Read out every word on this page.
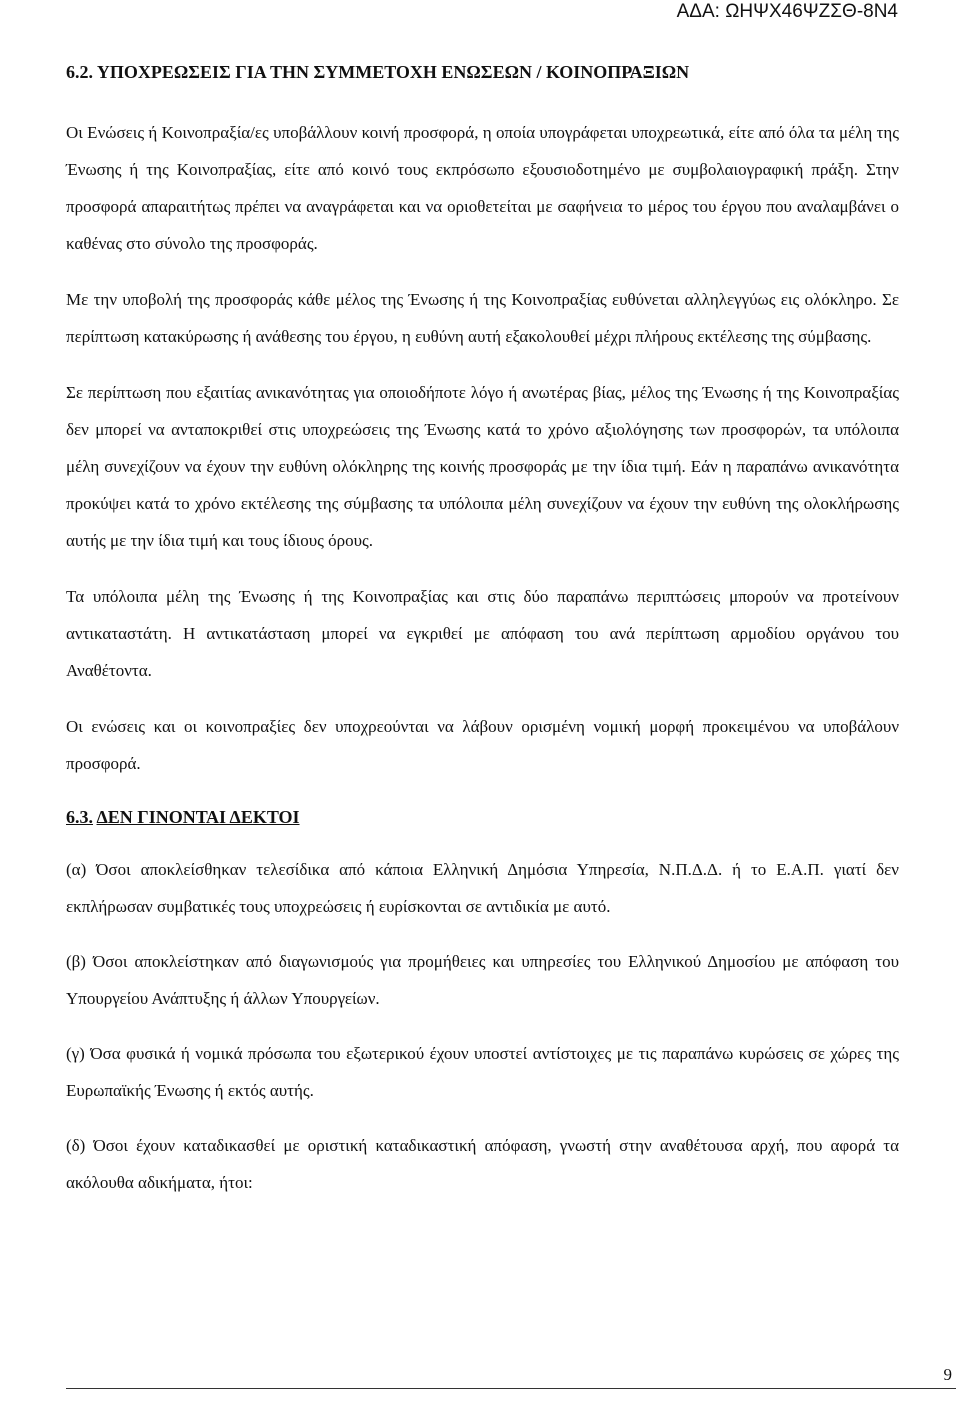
ΑΔΑ: ΩΗΨΧ46ΨΖΣΘ-8Ν4
6.2. ΥΠΟΧΡΕΩΣΕΙΣ ΓΙΑ ΤΗΝ ΣΥΜΜΕΤΟΧΗ ΕΝΩΣΕΩΝ / ΚΟΙΝΟΠΡΑΞΙΩΝ

Οι Ενώσεις ή Κοινοπραξία/ες υποβάλλουν κοινή προσφορά, η οποία υπογράφεται υποχρεωτικά, είτε από όλα τα μέλη της Ένωσης ή της Κοινοπραξίας, είτε από κοινό τους εκπρόσωπο εξουσιοδοτημένο με συμβολαιογραφική πράξη. Στην προσφορά απαραιτήτως πρέπει να αναγράφεται και να οριοθετείται με σαφήνεια το μέρος του έργου που αναλαμβάνει ο καθένας στο σύνολο της προσφοράς.

Με την υποβολή της προσφοράς κάθε μέλος της Ένωσης ή της Κοινοπραξίας ευθύνεται αλληλεγγύως εις ολόκληρο. Σε περίπτωση κατακύρωσης ή ανάθεσης του έργου, η ευθύνη αυτή εξακολουθεί μέχρι πλήρους εκτέλεσης της σύμβασης.

Σε περίπτωση που εξαιτίας ανικανότητας για οποιοδήποτε λόγο ή ανωτέρας βίας, μέλος της Ένωσης ή της Κοινοπραξίας δεν μπορεί να ανταποκριθεί στις υποχρεώσεις της Ένωσης κατά το χρόνο αξιολόγησης των προσφορών, τα υπόλοιπα μέλη συνεχίζουν να έχουν την ευθύνη ολόκληρης της κοινής προσφοράς με την ίδια τιμή. Εάν η παραπάνω ανικανότητα προκύψει κατά το χρόνο εκτέλεσης της σύμβασης τα υπόλοιπα μέλη συνεχίζουν να έχουν την ευθύνη της ολοκλήρωσης αυτής με την ίδια τιμή και τους ίδιους όρους.

Τα υπόλοιπα μέλη της Ένωσης ή της Κοινοπραξίας και στις δύο παραπάνω περιπτώσεις μπορούν να προτείνουν αντικαταστάτη. Η αντικατάσταση μπορεί να εγκριθεί με απόφαση του ανά περίπτωση αρμοδίου οργάνου του Αναθέτοντα.

Οι ενώσεις και οι κοινοπραξίες δεν υποχρεούνται να λάβουν ορισμένη νομική μορφή προκειμένου να υποβάλουν προσφορά.

6.3. ΔΕΝ ΓΙΝΟΝΤΑΙ ΔΕΚΤΟΙ

(α) Όσοι αποκλείσθηκαν τελεσίδικα από κάποια Ελληνική Δημόσια Υπηρεσία, Ν.Π.Δ.Δ. ή το Ε.Α.Π. γιατί δεν εκπλήρωσαν συμβατικές τους υποχρεώσεις ή ευρίσκονται σε αντιδικία με αυτό.

(β) Όσοι αποκλείστηκαν από διαγωνισμούς για προμήθειες και υπηρεσίες του Ελληνικού Δημοσίου με απόφαση του Υπουργείου Ανάπτυξης ή άλλων Υπουργείων.

(γ) Όσα φυσικά ή νομικά πρόσωπα του εξωτερικού έχουν υποστεί αντίστοιχες με τις παραπάνω κυρώσεις σε χώρες της Ευρωπαϊκής Ένωσης ή εκτός αυτής.

(δ) Όσοι έχουν καταδικασθεί με οριστική καταδικαστική απόφαση, γνωστή στην αναθέτουσα αρχή, που αφορά τα ακόλουθα αδικήματα, ήτοι:

9
